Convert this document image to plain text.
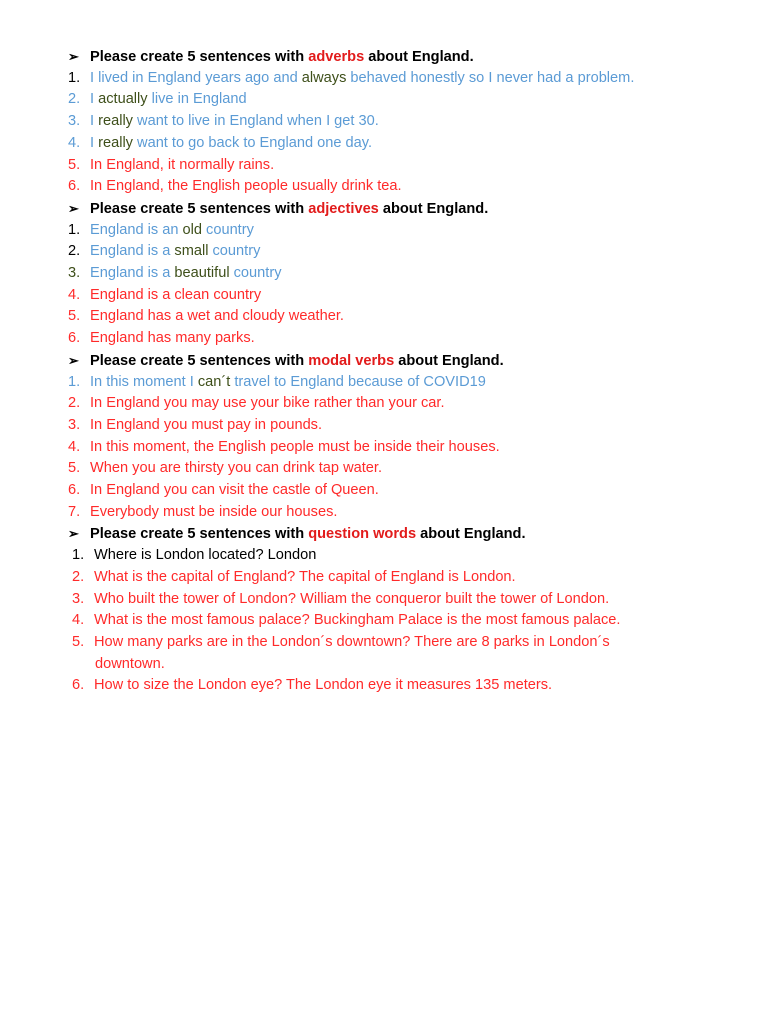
➢ Please create 5 sentences with adverbs about England.
1. I lived in England years ago and always behaved honestly so I never had a problem.
2. I actually live in England
3. I really want to live in England when I get 30.
4. I really want to go back to England one day.
5. In England, it normally rains.
6. In England, the English people usually drink tea.
➢ Please create 5 sentences with adjectives about England.
1. England is an old country
2. England is a small country
3. England is a beautiful country
4. England is a clean country
5. England has a wet and cloudy weather.
6. England has many parks.
➢ Please create 5 sentences with modal verbs about England.
1. In this moment I can´t travel to England because of COVID19
2. In England you may use your bike rather than your car.
3. In England you must pay in pounds.
4. In this moment, the English people must be inside their houses.
5. When you are thirsty you can drink tap water.
6. In England you can visit the castle of Queen.
7. Everybody must be inside our houses.
➢ Please create 5 sentences with question words about England.
1. Where is London located? London
2. What is the capital of England? The capital of England is London.
3. Who built the tower of London? William the conqueror built the tower of London.
4. What is the most famous palace? Buckingham Palace is the most famous palace.
5. How many parks are in the London´s downtown? There are 8 parks in London´s
downtown.
6. How to size the London eye? The London eye it measures 135 meters.
